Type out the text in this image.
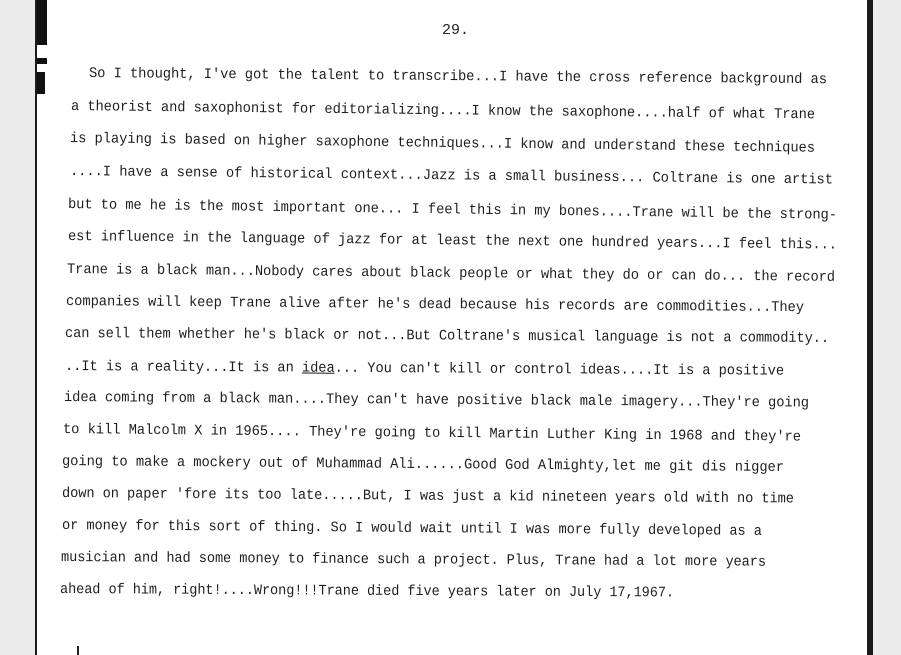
29.
So I thought, I've got the talent to transcribe...I have the cross reference background as
a theorist and saxophonist for editorializing....I know the saxophone....half of what Trane
is playing is based on higher saxophone techniques...I know and understand these techniques
....I have a sense of historical context...Jazz is a small business... Coltrane is one artist
but to me he is the most important one... I feel this in my bones....Trane will be the strong-
est influence in the language of jazz for at least the next one hundred years...I feel this...
Trane is a black man...Nobody cares about black people or what they do or can do... the record
companies will keep Trane alive after he's dead because his records are commodities...They
can sell them whether he's black or not...But Coltrane's musical language is not a commodity..
..It is a reality...It is an idea... You can't kill or control ideas....It is a positive
idea coming from a black man....They can't have positive black male imagery...They're going
to kill Malcolm X in 1965.... They're going to kill Martin Luther King in 1968 and they're
going to make a mockery out of Muhammad Ali......Good God Almighty,let me git dis nigger
down on paper 'fore its too late.....But, I was just a kid nineteen years old with no time
or money for this sort of thing. So I would wait until I was more fully developed as a
musician and had some money to finance such a project. Plus, Trane had a lot more years
ahead of him, right!....Wrong!!!Trane died five years later on July 17,1967.
